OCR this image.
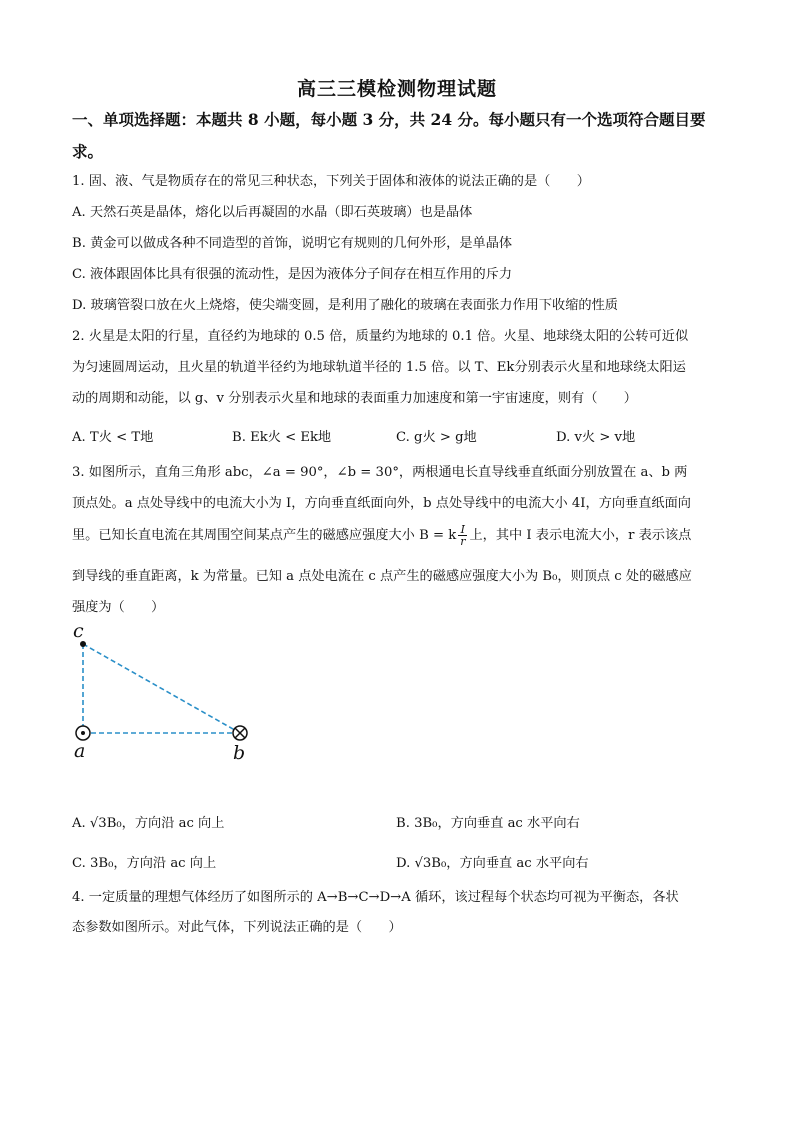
高三三模检测物理试题
一、单项选择题：本题共 8 小题，每小题 3 分，共 24 分。每小题只有一个选项符合题目要
求。
1. 固、液、气是物质存在的常见三种状态，下列关于固体和液体的说法正确的是（　　）
A. 天然石英是晶体，熔化以后再凝固的水晶（即石英玻璃）也是晶体
B. 黄金可以做成各种不同造型的首饰，说明它有规则的几何外形，是单晶体
C. 液体跟固体比具有很强的流动性，是因为液体分子间存在相互作用的斥力
D. 玻璃管裂口放在火上烧熔，使尖端变圆，是利用了融化的玻璃在表面张力作用下收缩的性质
2. 火星是太阳的行星，直径约为地球的 0.5 倍，质量约为地球的 0.1 倍。火星、地球绕太阳的公转可近似
为匀速圆周运动，且火星的轨道半径约为地球轨道半径的 1.5 倍。以 T、Ek分别表示火星和地球绕太阳运
动的周期和动能，以 g、v 分别表示火星和地球的表面重力加速度和第一宇宙速度，则有（　　）
A. T火 < T地	B. Ek火 < Ek地	C. g火 > g地	D. v火 > v地
3. 如图所示，直角三角形 abc，∠a = 90°，∠b = 30°，两根通电长直导线垂直纸面分别放置在 a、b 两
顶点处。a 点处导线中的电流大小为 I，方向垂直纸面向外，b 点处导线中的电流大小 4I，方向垂直纸面向
里。已知长直电流在其周围空间某点产生的磁感应强度大小 B = k $\frac{I}{r}$ 上，其中 I 表示电流大小，r 表示该点
到导线的垂直距离，k 为常量。已知 a 点处电流在 c 点产生的磁感应强度大小为 B₀，则顶点 c 处的磁感应
强度为（　　）
c
a	b
A. √3B₀，方向沿 ac 向上	B. 3B₀，方向垂直 ac 水平向右
C. 3B₀，方向沿 ac 向上	D. √3B₀，方向垂直 ac 水平向右
4. 一定质量的理想气体经历了如图所示的 A→B→C→D→A 循环，该过程每个状态均可视为平衡态，各状
态参数如图所示。对此气体，下列说法正确的是（　　）
